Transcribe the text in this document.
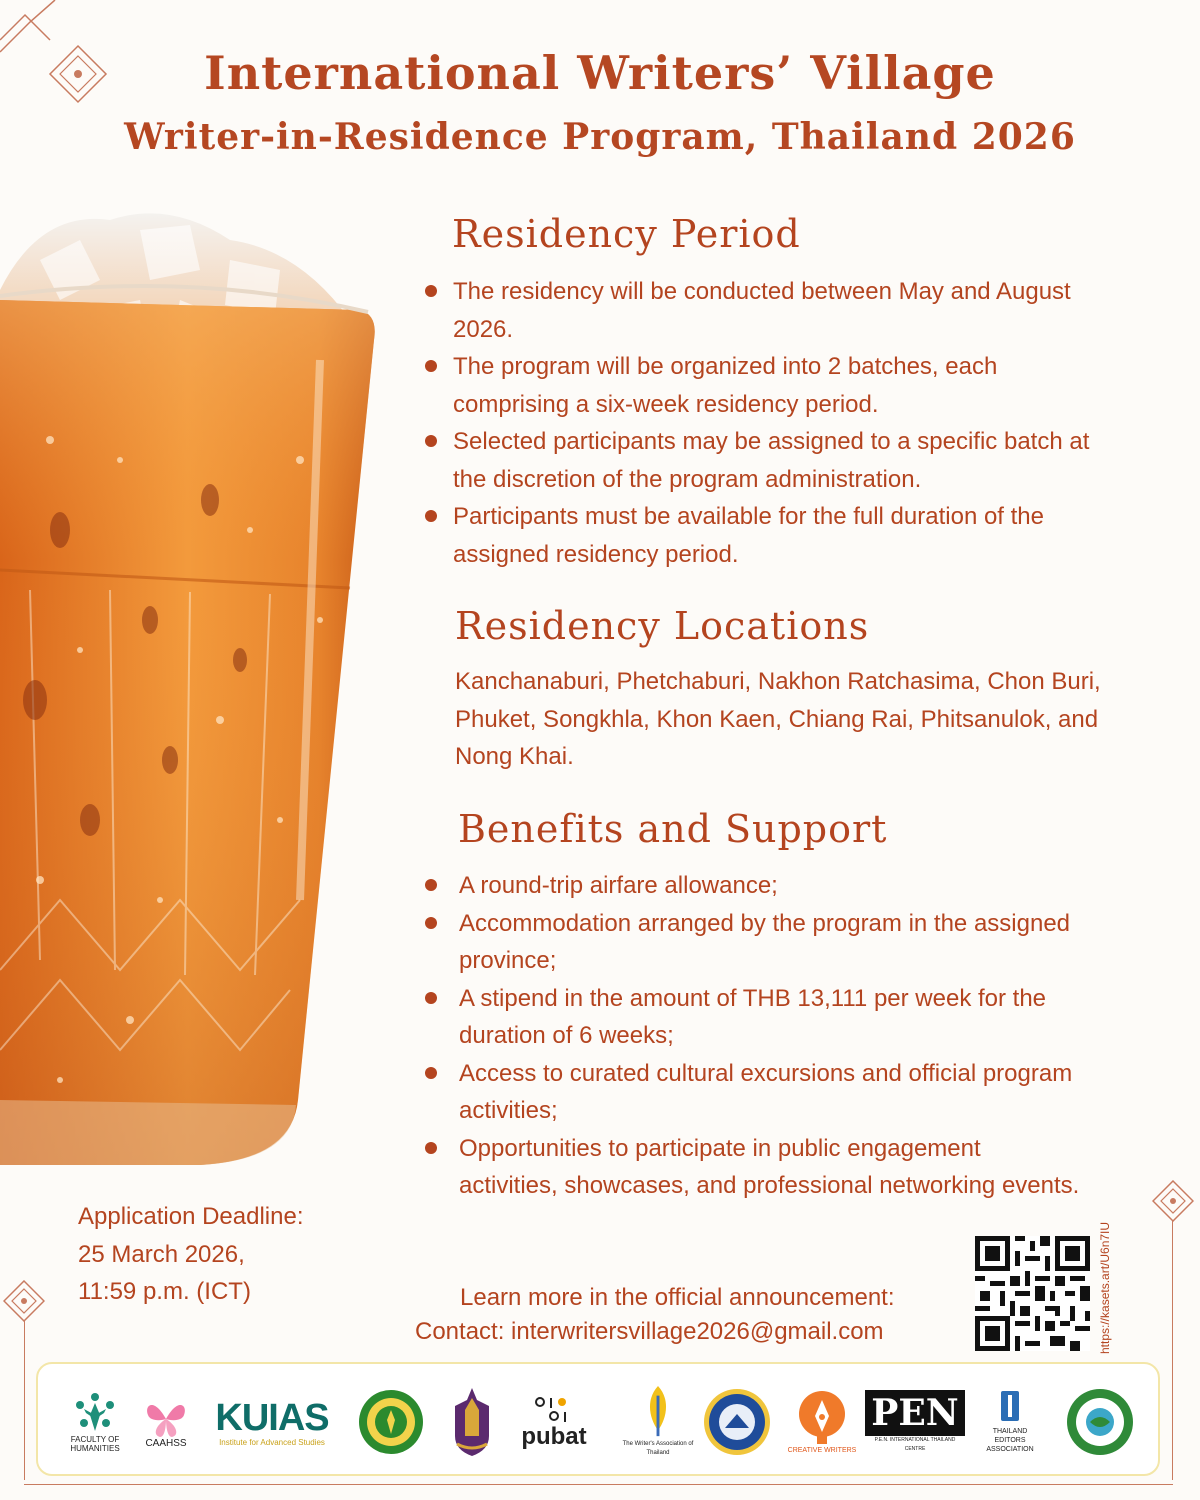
International Writers’ Village
Writer-in-Residence Program, Thailand 2026
Residency Period
The residency will be conducted between May and August 2026.
The program will be organized into 2 batches, each comprising a six-week residency period.
Selected participants may be assigned to a specific batch at the discretion of the program administration.
Participants must be available for the full duration of the assigned residency period.
Residency Locations
Kanchanaburi, Phetchaburi, Nakhon Ratchasima, Chon Buri, Phuket, Songkhla, Khon Kaen, Chiang Rai, Phitsanulok, and Nong Khai.
Benefits and Support
A round-trip airfare allowance;
Accommodation arranged by the program in the assigned province;
A stipend in the amount of THB 13,111 per week for the duration of 6 weeks;
Access to curated cultural excursions and official program activities;
Opportunities to participate in public engagement activities, showcases, and professional networking events.
Application Deadline:
25 March 2026,
11:59 p.m. (ICT)	Learn more in the official announcement:
Contact: interwritersvillage2026@gmail.com	https://kasets.art/U6n7IU
FACULTY OF HUMANITIES	CAAHSS
KUIAS
Institute for Advanced Studies	pubat	The Writer's Association of Thailand	CREATIVE WRITERS
PEN
P.E.N. INTERNATIONAL THAILAND CENTRE
THAILAND EDITORS ASSOCIATION
